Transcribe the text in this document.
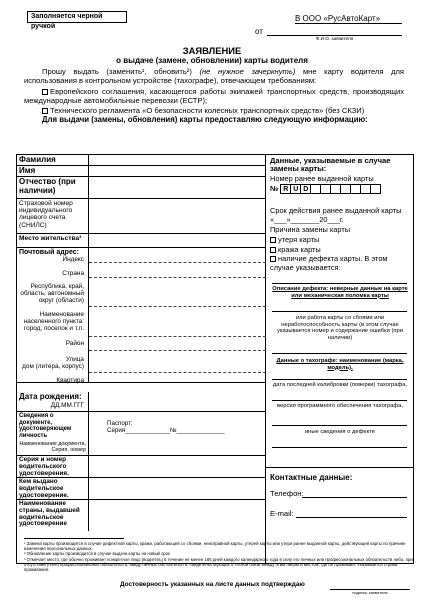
Заполняется черной ручкой
В ООО «РусАвтоКарт»
от
Ф.И.О. заявителя
ЗАЯВЛЕНИЕ
о выдаче (замене, обновлении) карты водителя
Прошу выдать (заменить¹, обновить²) (не нужное зачеркнуть) мне карту водителя для использования в контрольном устройстве (тахографе), отвечающем требованиям:
Европейского соглашения, касающегося работы экипажей транспортных средств, производящих международные автомобильные перевозки (ЕСТР);
Технического регламента «О безопасности колесных транспортных средств» (без СКЗИ)
Для выдачи (замены, обновления) карты предоставляю следующую информацию:
Фамилия
Имя
Отчество (при наличии)
Страховой номер индивидуального лицевого счета (СНИЛС)
Место жительства³
Почтовый адрес:
Индекс
Страна
Республика, край, область, автономный округ (области)
Наименование населенного пункта: город, поселок и т.п.
Район
Улица
дом (литера, корпус)
Квартира
Дата рождения:
ДД.ММ.ГГГ
Сведения о документе, удостоверяющем личность
Наименование документа, Серия, номер
Паспорт:
Серия_____________№______________
Серия и номер водительского удостоверения.
Кем выдано водительское удостоверение.
Наименование страны, выдавшей водительское удостоверение
Данные, указываемые в случае замены карты:
Номер ранее выданной карты
№ R U D
Срок действия ранее выданной карты «___»_______20___г.
Причина замены карты
утеря карты
кража карты
наличие дефекта карты. В этом случае указывается:
Описание дефекта: неверные данные на карте или механическая поломка карты
или работа карты со сбоями или неработоспособность карты (в этом случае указывается номер и содержание ошибки (при наличии)
Данные о тахографе: наименование (марка, модель),
дата последней калибровки (поверки) тахографа,
версия программного обеспечения тахографа,
иные сведения о дефекте
Контактные данные:
Телефон:
E-mail:
¹ Замена карты производится в случае дефектной карты, кражи, работающей со сбоями, неисправной карты, утерей карты или утери ранее выданной карты, действующей карты по причине изменения персональных данных.
² Обновление карты производится в случае выдачи карты на новый срок
³ Отмечает место, где обычно проживает конкретное лицо (водитель) в течение не менее 185 дней каждого календарного года в силу его личных или профессиональных обязательств либо, при отсутствии у него профессиональных обязательств, ввиду личных обстоятельств, свидетельствующих о тесной связи между этим лицом и местом, где он проживает. Указывается страна проживания.
Достоверность указанных на листе данных подтверждаю
подпись заявителя
